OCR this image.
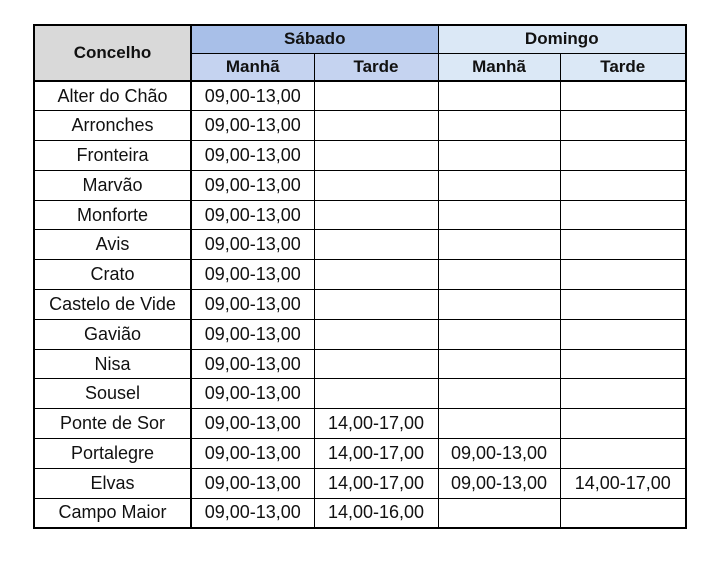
Concelho	Sábado		Domingo	
	Manhã	Tarde	Manhã	Tarde
Alter do Chão	09,00-13,00			
Arronches	09,00-13,00			
Fronteira	09,00-13,00			
Marvão	09,00-13,00			
Monforte	09,00-13,00			
Avis	09,00-13,00			
Crato	09,00-13,00			
Castelo de Vide	09,00-13,00			
Gavião	09,00-13,00			
Nisa	09,00-13,00			
Sousel	09,00-13,00			
Ponte de Sor	09,00-13,00	14,00-17,00		
Portalegre	09,00-13,00	14,00-17,00	09,00-13,00	
Elvas	09,00-13,00	14,00-17,00	09,00-13,00	14,00-17,00
Campo Maior	09,00-13,00	14,00-16,00		
